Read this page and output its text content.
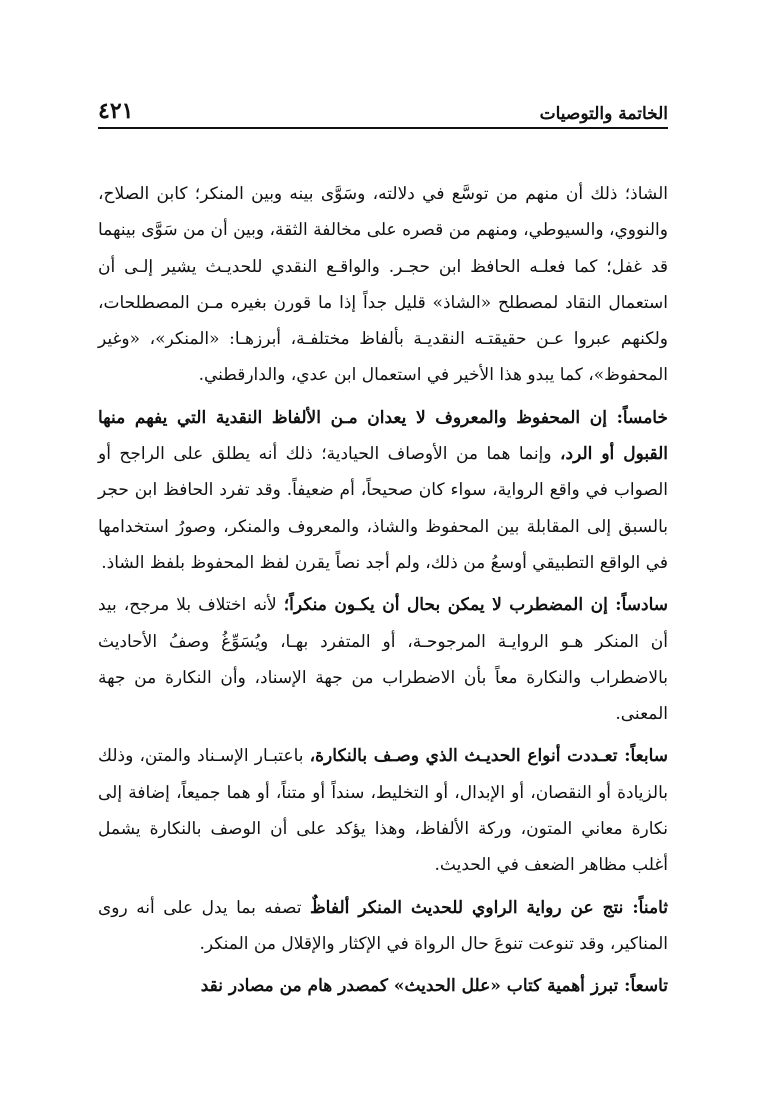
الخاتمة والتوصيات
٤٢١

الشاذ؛ ذلك أن منهم من توسَّع في دلالته، وسَوَّى بينه وبين المنكر؛ كابن الصلاح، والنووي، والسيوطي، ومنهم من قصره على مخالفة الثقة، وبين أن من سَوَّى بينهما قد غفل؛ كما فعلـه الحافظ ابن حجـر. والواقـع النقدي للحديـث يشير إلـى أن استعمال النقاد لمصطلح «الشاذ» قليل جداً إذا ما قورن بغيره مـن المصطلحات، ولكنهم عبروا عـن حقيقتـه النقديـة بألفاظ مختلفـة، أبرزهـا: «المنكر»، «وغير المحفوظ»، كما يبدو هذا الأخير في استعمال ابن عدي، والدارقطني.

خامساً: إن المحفوظ والمعروف لا يعدان مـن الألفاظ النقدية التي يفهم منها القبول أو الرد، وإنما هما من الأوصاف الحيادية؛ ذلك أنه يطلق على الراجح أو الصواب في واقع الرواية، سواء كان صحيحاً، أم ضعيفاً. وقد تفرد الحافظ ابن حجر بالسبق إلى المقابلة بين المحفوظ والشاذ، والمعروف والمنكر، وصورُ استخدامها في الواقع التطبيقي أوسعُ من ذلك، ولم أجد نصاً يقرن لفظ المحفوظ بلفظ الشاذ.

سادساً: إن المضطرب لا يمكن بحال أن يكـون منكراً؛ لأنه اختلاف بلا مرجح، بيد أن المنكر هـو الروايـة المرجوحـة، أو المتفرد بهـا، ويُسَوِّغُ وصفُ الأحاديث بالاضطراب والنكارة معاً بأن الاضطراب من جهة الإسناد، وأن النكارة من جهة المعنى.

سابعاً: تعـددت أنواع الحديـث الذي وصـف بالنكارة، باعتبـار الإسـناد والمتن، وذلك بالزيادة أو النقصان، أو الإبدال، أو التخليط، سنداً أو متناً، أو هما جميعاً، إضافة إلى نكارة معاني المتون، وركة الألفاظ، وهذا يؤكد على أن الوصف بالنكارة يشمل أغلب مظاهر الضعف في الحديث.

ثامناً: نتج عن رواية الراوي للحديث المنكر ألفاظٌ تصفه بما يدل على أنه روى المناكير، وقد تنوعت تنوعَ حال الرواة في الإكثار والإقلال من المنكر.

تاسعاً: تبرز أهمية كتاب «علل الحديث» كمصدر هام من مصادر نقد
